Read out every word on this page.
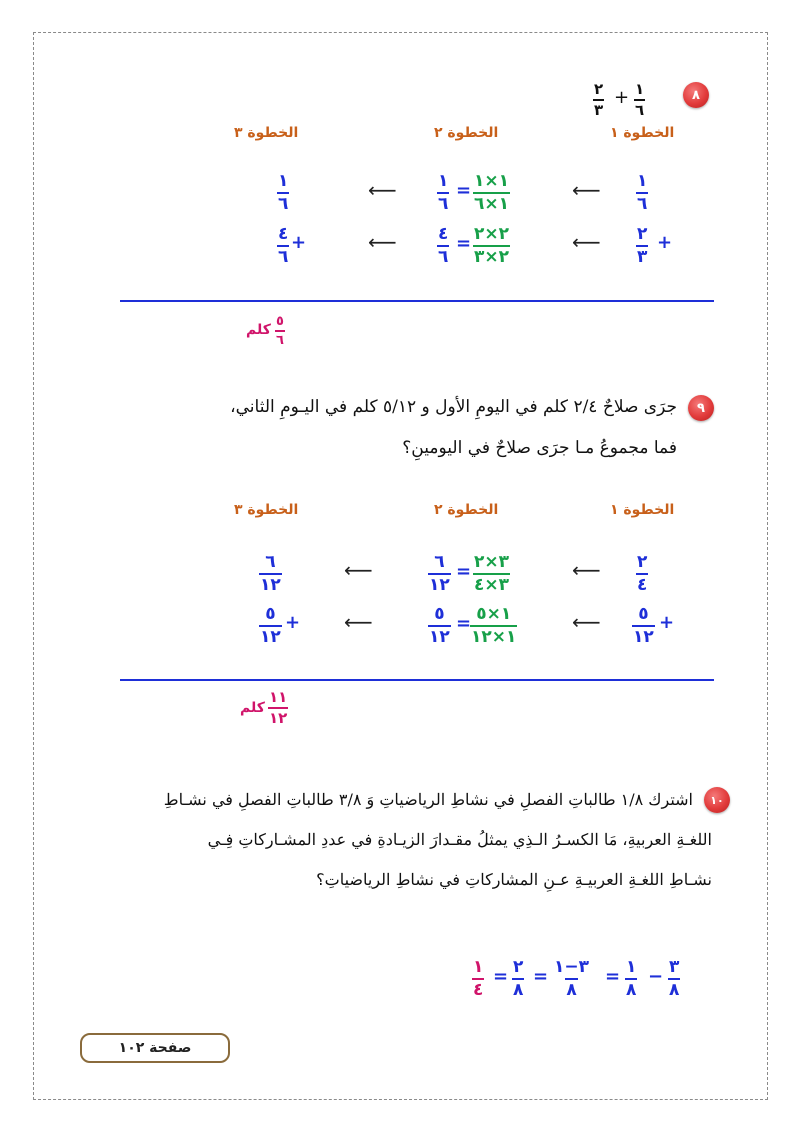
٨
٢
٣
+ ١
٦
الخطوة ١
الخطوة ٢
الخطوة ٣
١
٦
⟵
١
٦
= ١×١
١×٦
⟵
١
٦
+
٢
٣
⟵
٤
٦
= ٢×٢
٢×٣
⟵
+
٤
٦
كلم
٥
٦
٩
جرَى صلاحٌ ٢/٤ كلم في اليومِ الأول و ٥/١٢ كلم في اليـومِ الثاني،
فما مجموعُ مـا جرَى صلاحٌ في اليومينِ؟
الخطوة ١
الخطوة ٢
الخطوة ٣
٢
٤
⟵
٦
١٢
= ٣×٢
٣×٤
⟵
٦
١٢
+
٥
١٢
⟵
٥
١٢
= ١×٥
١×١٢
⟵
+
٥
١٢
كلم
١١
١٢
١٠
اشترك ١/٨ طالباتِ الفصلِ في نشاطِ الرياضياتِ وَ ٣/٨ طالباتِ الفصلِ في نشـاطِ
اللغـةِ العربيةِ، مَا الكسـرُ الـذِي يمثلُ مقـدارَ الزيـادةِ في عددِ المشـاركاتِ فِـي
نشـاطِ اللغـةِ العربيـةِ عـنِ المشاركاتِ في نشاطِ الرياضياتِ؟
١
٤
= ٢
٨
= ٣−١
٨
= ١
٨
− ٣
٨
صفحة ١٠٢
